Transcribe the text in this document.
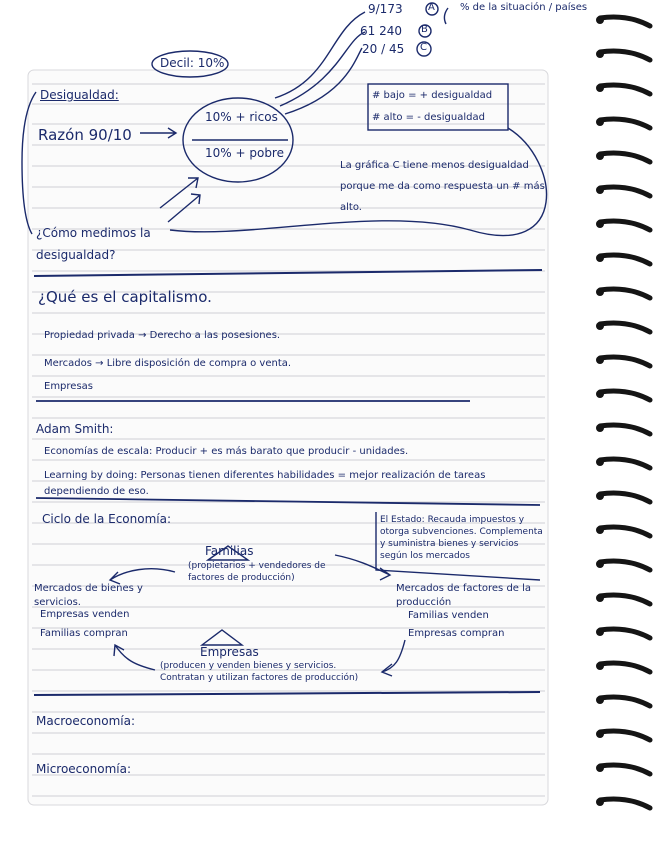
9/173	A
61 240 B
20 / 45 C
% de la situación / países
Decil: 10%
Desigualdad:
Razón 90/10
10% + ricos
10% + pobre
# bajo = + desigualdad
# alto = - desigualdad
La gráfica C tiene menos desigualdad porque me da como respuesta un # más alto.
¿Cómo medimos la desigualdad?
¿Qué es el capitalismo.
Propiedad privada → Derecho a las posesiones.
Mercados → Libre disposición de compra o venta.
Empresas
Adam Smith:
Economías de escala: Producir + es más barato que producir - unidades.
Learning by doing: Personas tienen diferentes habilidades = mejor realización de tareas dependiendo de eso.
Ciclo de la Economía:	El Estado: Recauda impuestos y otorga subvenciones. Complementa y suministra bienes y servicios según los mercados
Familias
(propietarios + vendedores de factores de producción)
Mercados de bienes y servicios.
Empresas venden
Familias compran
Mercados de factores de la producción
Familias venden
Empresas compran
Empresas
(producen y venden bienes y servicios. Contratan y utilizan factores de producción)
Macroeconomía:
Microeconomía:
